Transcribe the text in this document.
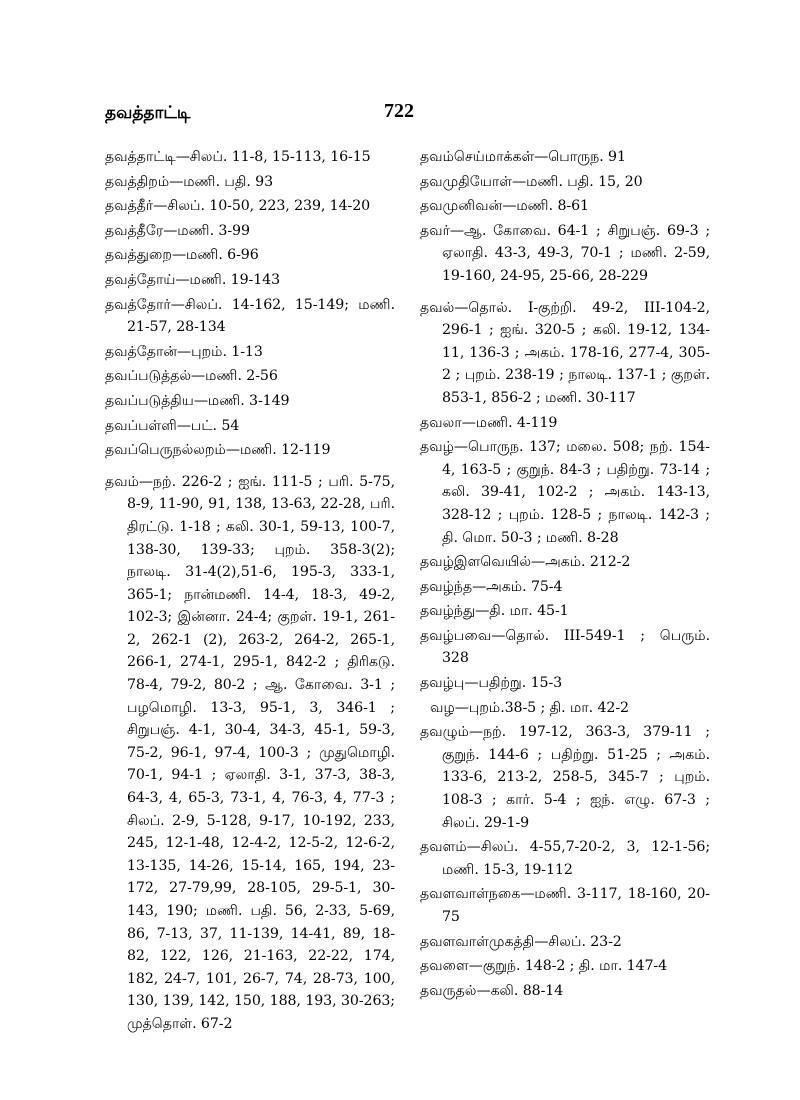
தவத்தாட்டி	722
தவத்தாட்டி—சிலப். 11-8, 15-113, 16-15
தவத்திறம்—மணி. பதி. 93
தவத்தீர்—சிலப். 10-50, 223, 239, 14-20
தவத்தீரே—மணி. 3-99
தவத்துறை—மணி. 6-96
தவத்தோய்—மணி. 19-143
தவத்தோர்—சிலப். 14-162, 15-149; மணி. 21-57, 28-134
தவத்தோன்—புறம். 1-13
தவப்படுத்தல்—மணி. 2-56
தவப்படுத்திய—மணி. 3-149
தவப்பள்ளி—பட். 54
தவப்பெருநல்லறம்—மணி. 12-119
தவம்—நற். 226-2 ; ஐங். 111-5 ; பரி. 5-75, 8-9, 11-90, 91, 138, 13-63, 22-28, பரி. திரட்டு. 1-18 ; கலி. 30-1, 59-13, 100-7, 138-30, 139-33; புறம். 358-3(2); நாலடி. 31-4(2),51-6, 195-3, 333-1, 365-1; நான்மணி. 14-4, 18-3, 49-2, 102-3; இன்னா. 24-4; குறள். 19-1, 261-2, 262-1 (2), 263-2, 264-2, 265-1, 266-1, 274-1, 295-1, 842-2 ; திரிகடு. 78-4, 79-2, 80-2 ; ஆ. கோவை. 3-1 ; பழமொழி. 13-3, 95-1, 3, 346-1 ; சிறுபஞ். 4-1, 30-4, 34-3, 45-1, 59-3, 75-2, 96-1, 97-4, 100-3 ; முதுமொழி. 70-1, 94-1 ; ஏலாதி. 3-1, 37-3, 38-3, 64-3, 4, 65-3, 73-1, 4, 76-3, 4, 77-3 ; சிலப். 2-9, 5-128, 9-17, 10-192, 233, 245, 12-1-48, 12-4-2, 12-5-2, 12-6-2, 13-135, 14-26, 15-14, 165, 194, 23-172, 27-79,99, 28-105, 29-5-1, 30-143, 190; மணி. பதி. 56, 2-33, 5-69, 86, 7-13, 37, 11-139, 14-41, 89, 18-82, 122, 126, 21-163, 22-22, 174, 182, 24-7, 101, 26-7, 74, 28-73, 100, 130, 139, 142, 150, 188, 193, 30-263; முத்தொள். 67-2
தவம்செய்மாக்கள்—பொருந. 91
தவமுதியோள்—மணி. பதி. 15, 20
தவமுனிவன்—மணி. 8-61
தவர்—ஆ. கோவை. 64-1 ; சிறுபஞ். 69-3 ; ஏலாதி. 43-3, 49-3, 70-1 ; மணி. 2-59, 19-160, 24-95, 25-66, 28-229
தவல்—தொல். I-குற்றி. 49-2, III-104-2, 296-1 ; ஐங். 320-5 ; கலி. 19-12, 134-11, 136-3 ; அகம். 178-16, 277-4, 305-2 ; புறம். 238-19 ; நாலடி. 137-1 ; குறள். 853-1, 856-2 ; மணி. 30-117
தவலா—மணி. 4-119
தவழ்—பொருந. 137; மலை. 508; நற். 154-4, 163-5 ; குறுந். 84-3 ; பதிற்று. 73-14 ; கலி. 39-41, 102-2 ; அகம். 143-13, 328-12 ; புறம். 128-5 ; நாலடி. 142-3 ; தி. மொ. 50-3 ; மணி. 8-28
தவழ்இளவெயில்—அகம். 212-2
தவழ்ந்த—அகம். 75-4
தவழ்ந்து—தி. மா. 45-1
தவழ்பவை—தொல். III-549-1 ; பெரும். 328
தவழ்பு—பதிற்று. 15-3
வழ—புறம்.38-5 ; தி. மா. 42-2
தவழும்—நற். 197-12, 363-3, 379-11 ; குறுந். 144-6 ; பதிற்று. 51-25 ; அகம். 133-6, 213-2, 258-5, 345-7 ; புறம். 108-3 ; கார். 5-4 ; ஐந். எழு. 67-3 ; சிலப். 29-1-9
தவளம்—சிலப். 4-55,7-20-2, 3, 12-1-56; மணி. 15-3, 19-112
தவளவாள்நகை—மணி. 3-117, 18-160, 20-75
தவளவாள்முகத்தி—சிலப். 23-2
தவளை—குறுந். 148-2 ; தி. மா. 147-4
தவருதல்—கலி. 88-14
